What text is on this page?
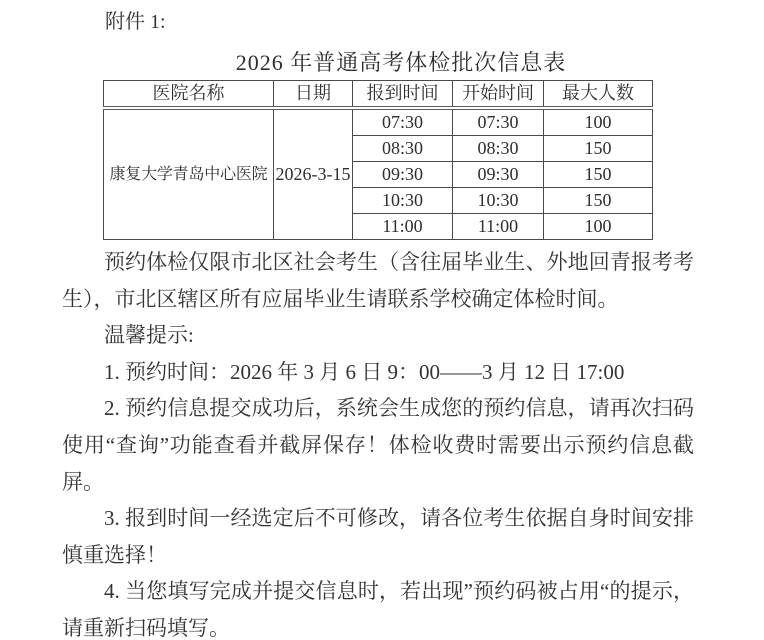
附件 1:
2026 年普通高考体检批次信息表
医院名称	日期	报到时间	开始时间	最大人数
康复大学青岛中心医院	2026-3-15	07:30	07:30	100
		08:30	08:30	150
		09:30	09:30	150
		10:30	10:30	150
		11:00	11:00	100

预约体检仅限市北区社会考生（含往届毕业生、外地回青报考考生），市北区辖区所有应届毕业生请联系学校确定体检时间。

温馨提示:

1. 预约时间：2026 年 3 月 6 日 9：00——3 月 12 日 17:00

2. 预约信息提交成功后，系统会生成您的预约信息，请再次扫码使用“查询”功能查看并截屏保存！体检收费时需要出示预约信息截屏。

3. 报到时间一经选定后不可修改，请各位考生依据自身时间安排慎重选择！

4. 当您填写完成并提交信息时，若出现”预约码被占用“的提示，请重新扫码填写。
